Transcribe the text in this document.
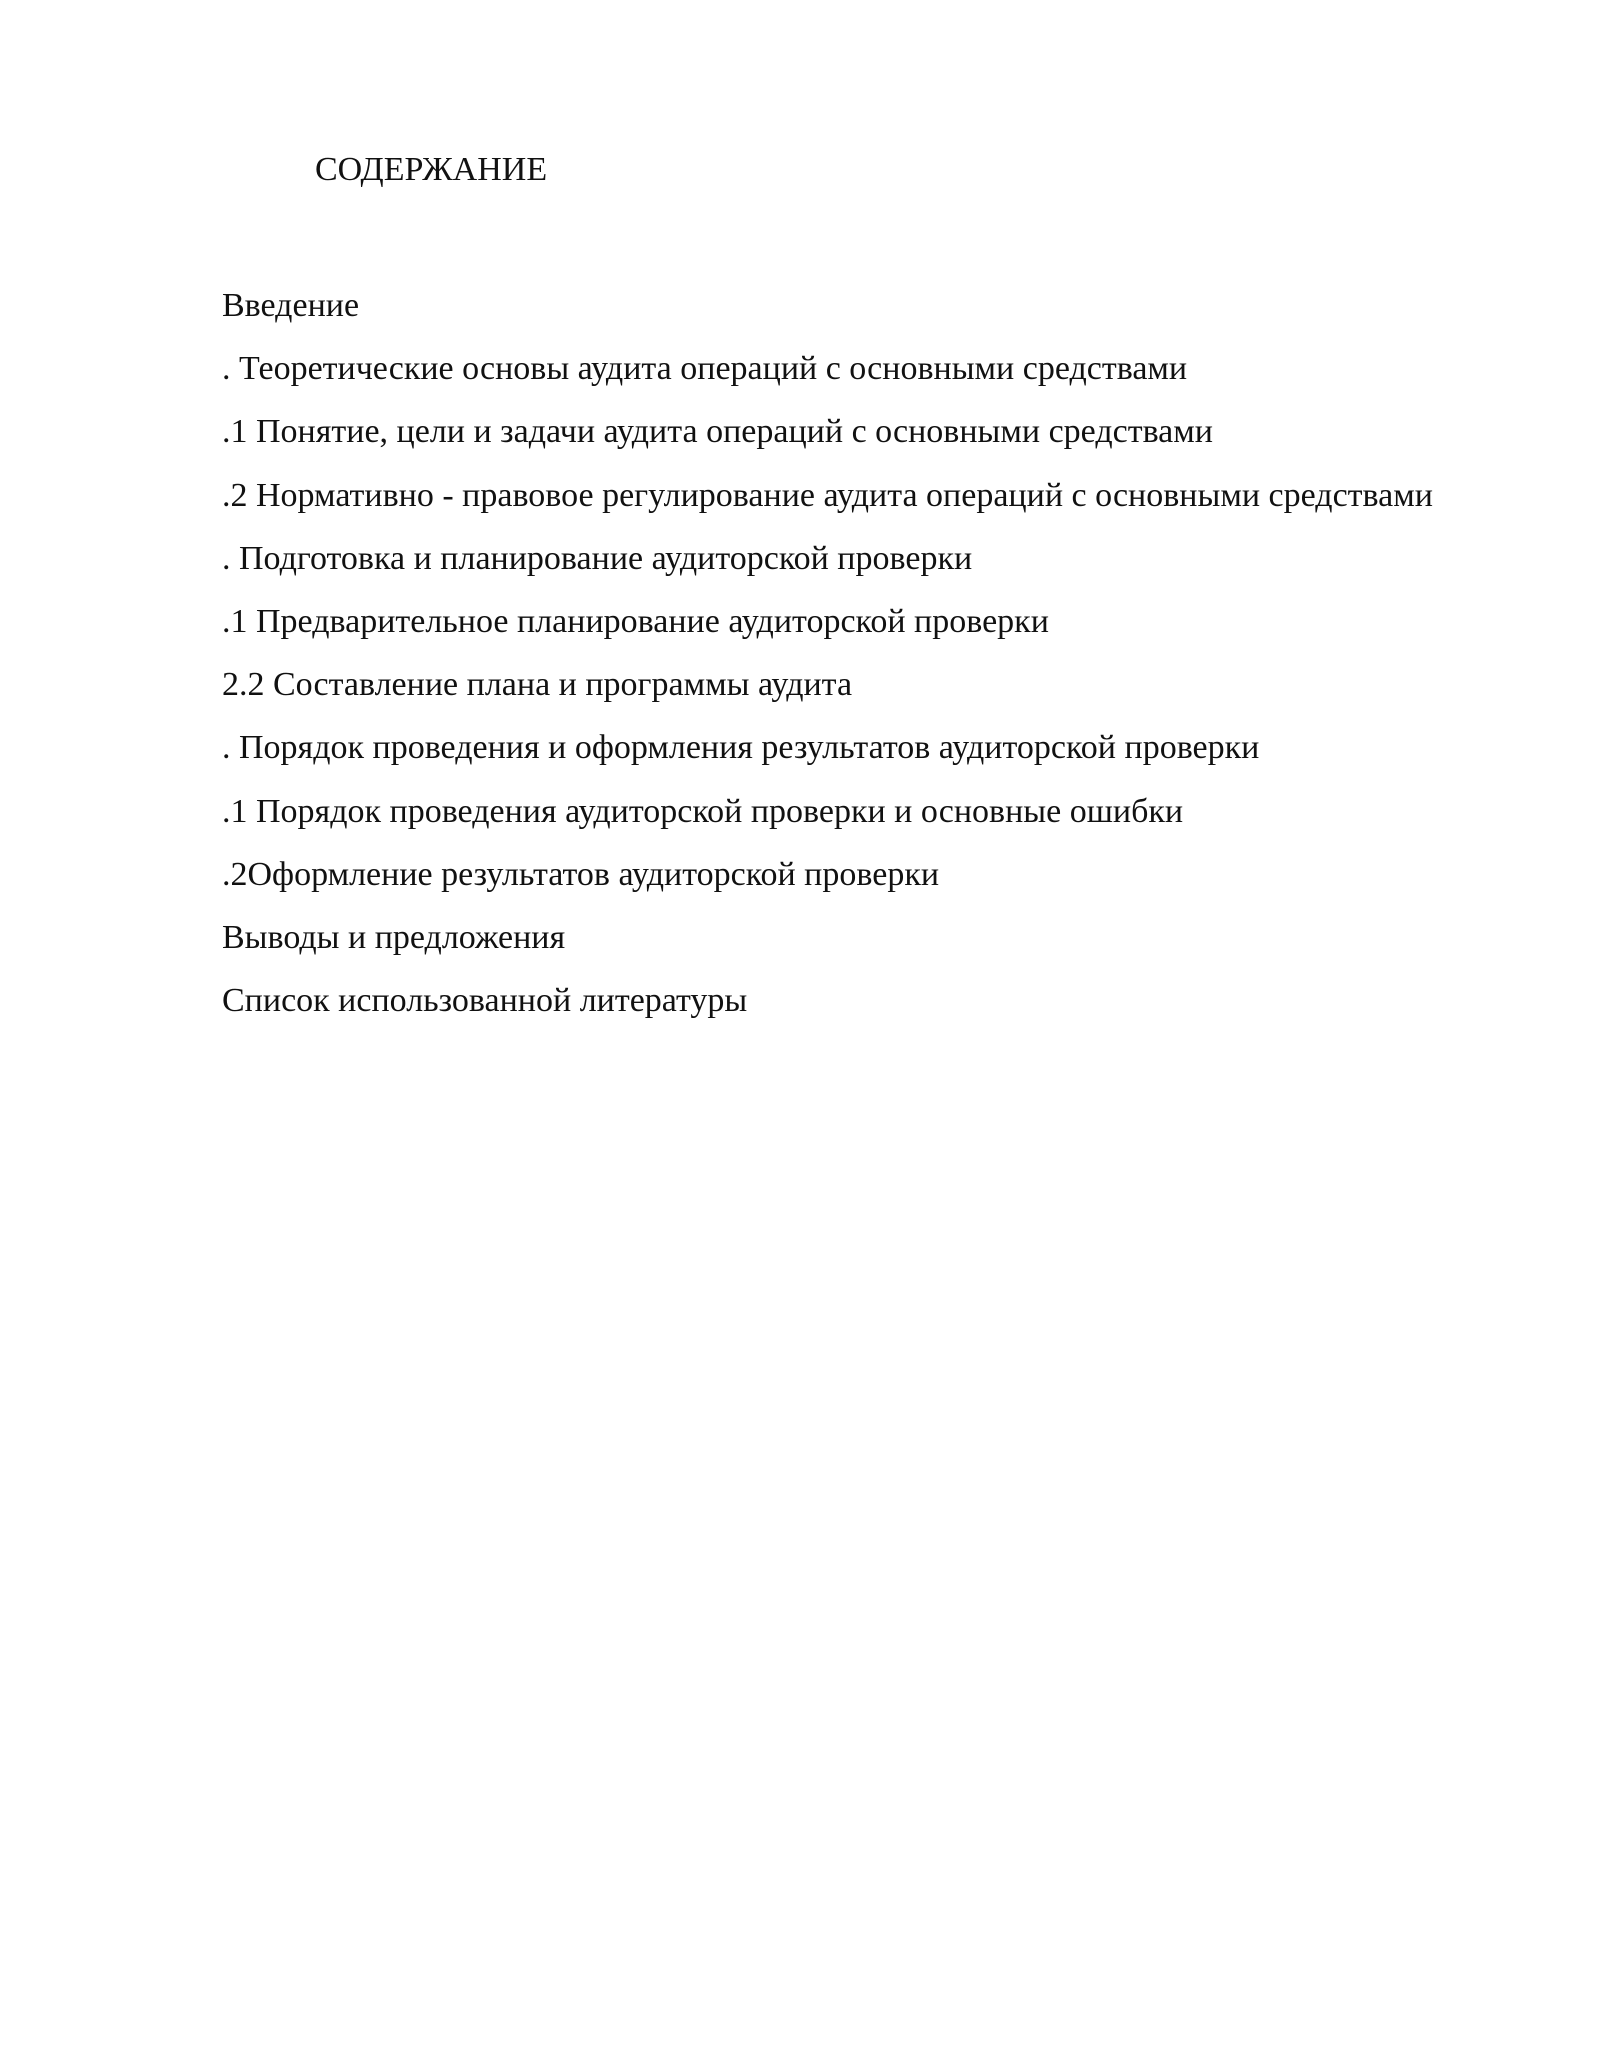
СОДЕРЖАНИЕ
Введение
. Теоретические основы аудита операций с основными средствами
.1 Понятие, цели и задачи аудита операций с основными средствами
.2 Нормативно - правовое регулирование аудита операций с основными средствами
. Подготовка и планирование аудиторской проверки
.1 Предварительное планирование аудиторской проверки
2.2 Составление плана и программы аудита
. Порядок проведения и оформления результатов аудиторской проверки
.1 Порядок проведения аудиторской проверки и основные ошибки
.2Оформление результатов аудиторской проверки
Выводы и предложения
Список использованной литературы
